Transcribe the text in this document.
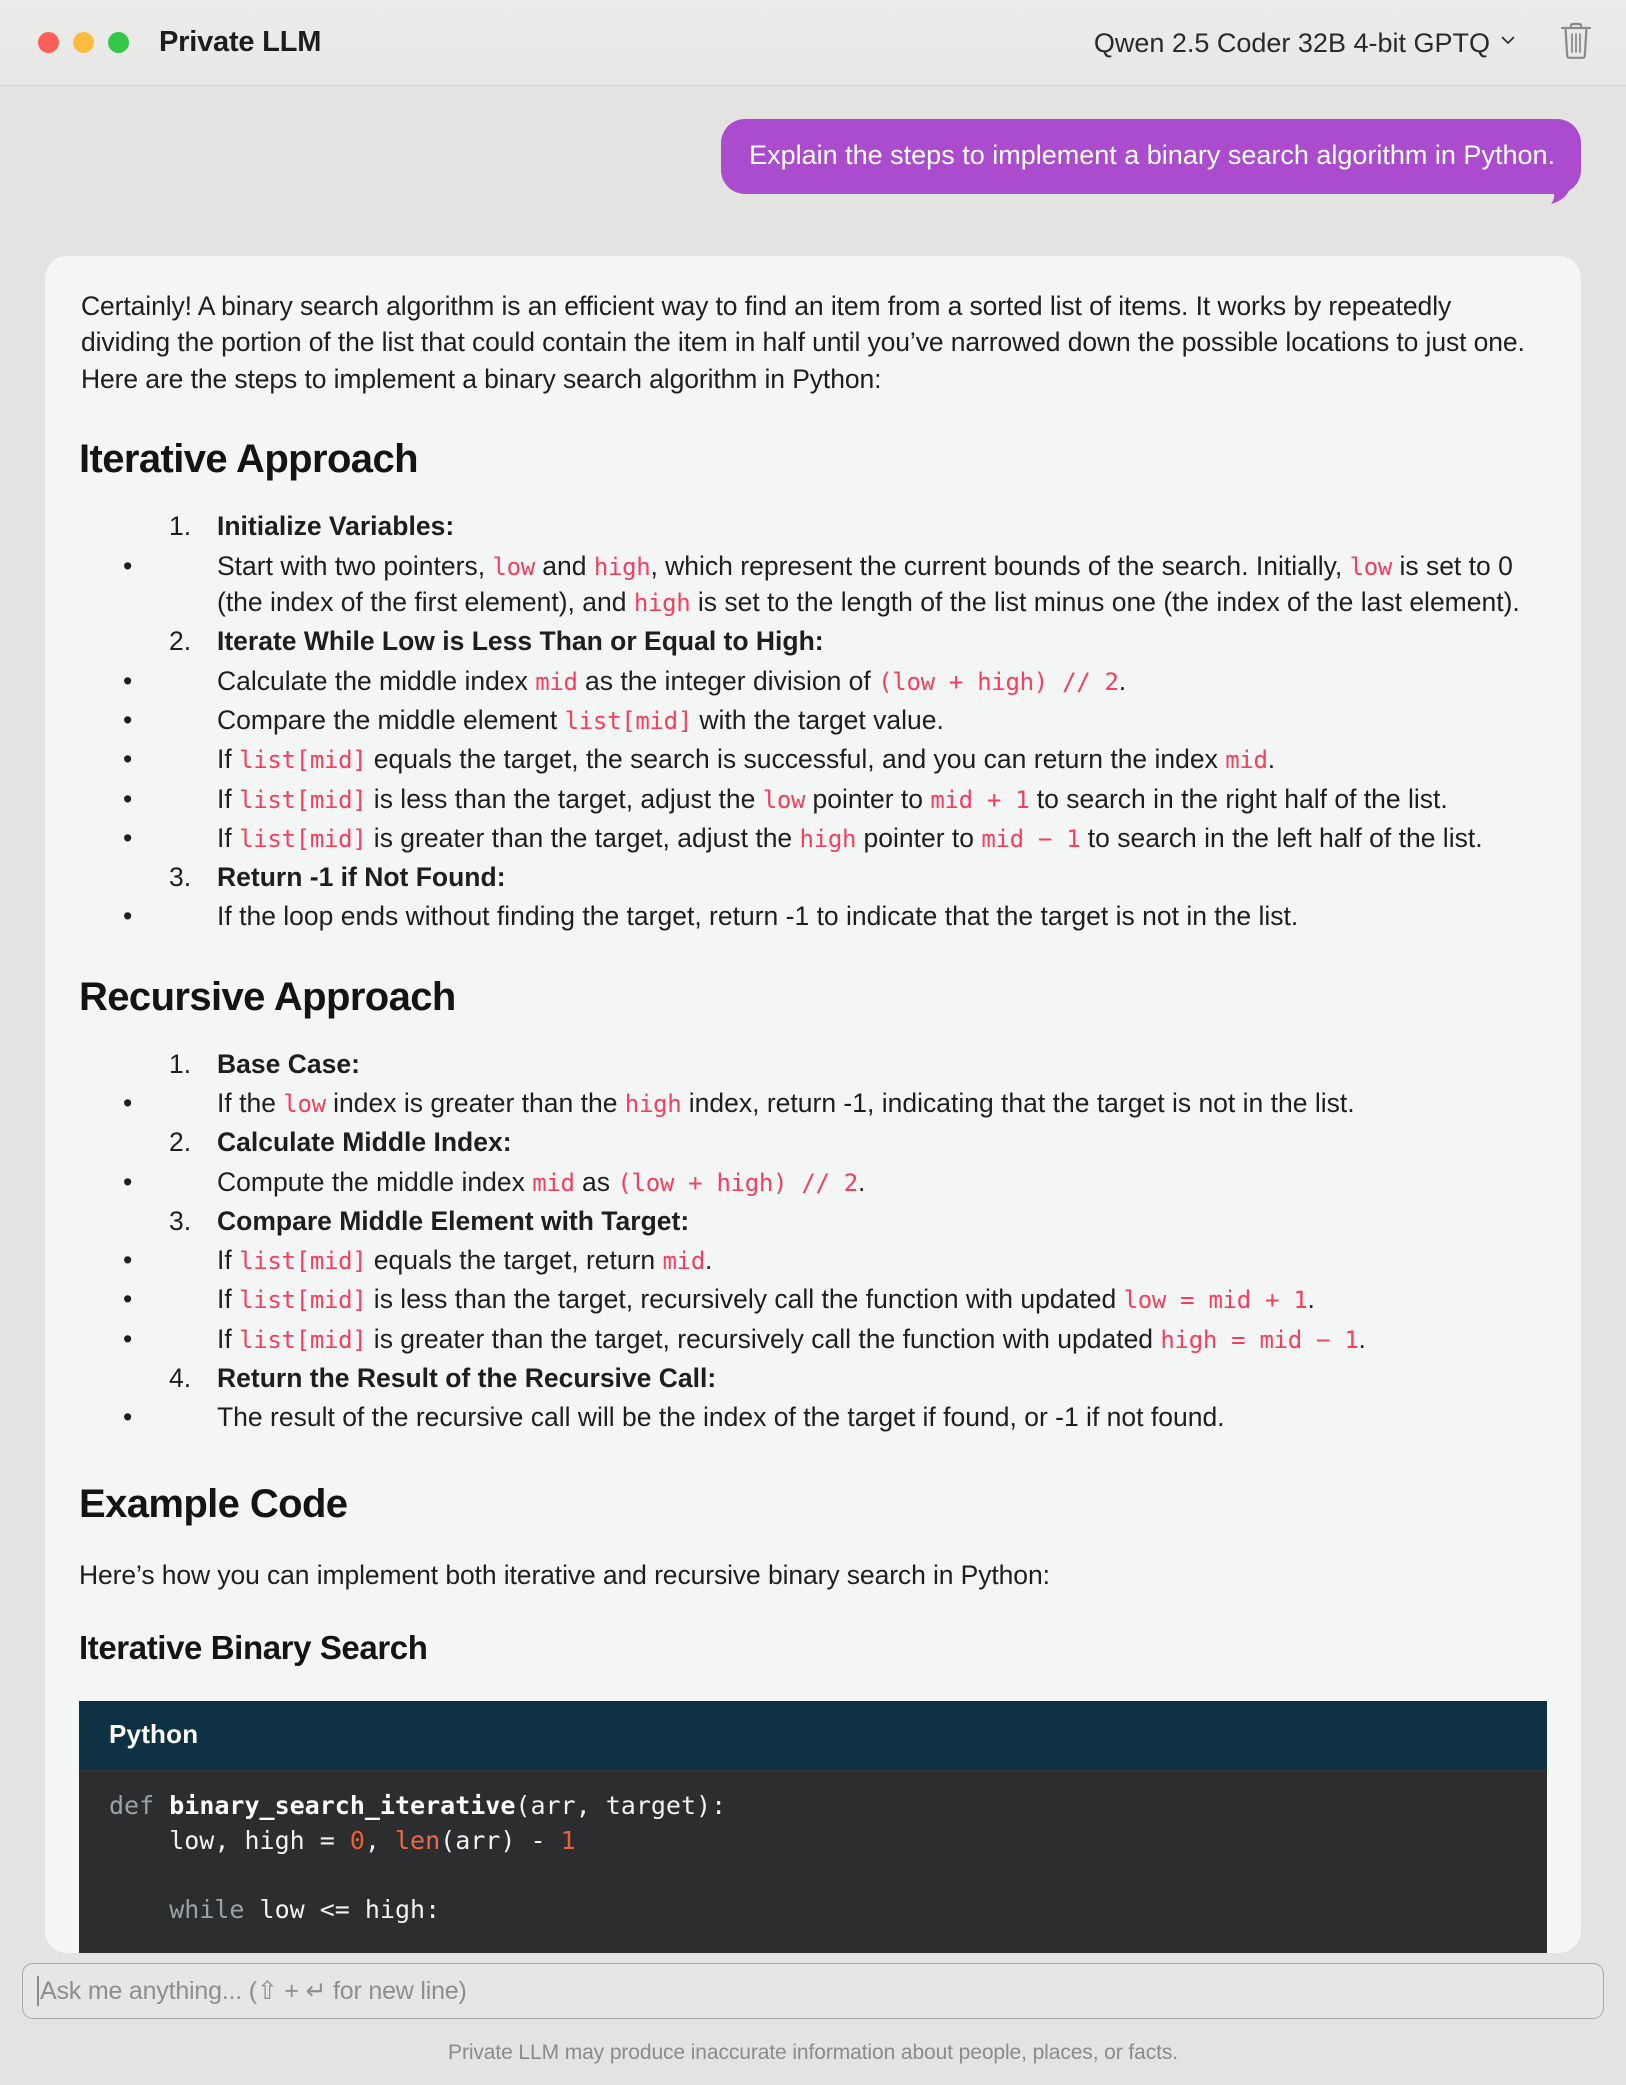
Private LLM	Qwen 2.5 Coder 32B 4-bit GPTQ
Explain the steps to implement a binary search algorithm in Python.
Certainly! A binary search algorithm is an efficient way to find an item from a sorted list of items. It works by repeatedly dividing the portion of the list that could contain the item in half until you’ve narrowed down the possible locations to just one. Here are the steps to implement a binary search algorithm in Python:
Iterative Approach
1. Initialize Variables:
•	Start with two pointers, low and high, which represent the current bounds of the search. Initially, low is set to 0 (the index of the first element), and high is set to the length of the list minus one (the index of the last element).
2. Iterate While Low is Less Than or Equal to High:
•	Calculate the middle index mid as the integer division of (low + high) // 2.
•	Compare the middle element list[mid] with the target value.
•	If list[mid] equals the target, the search is successful, and you can return the index mid.
•	If list[mid] is less than the target, adjust the low pointer to mid + 1 to search in the right half of the list.
•	If list[mid] is greater than the target, adjust the high pointer to mid − 1 to search in the left half of the list.
3. Return -1 if Not Found:
•	If the loop ends without finding the target, return -1 to indicate that the target is not in the list.
Recursive Approach
1. Base Case:
•	If the low index is greater than the high index, return -1, indicating that the target is not in the list.
2. Calculate Middle Index:
•	Compute the middle index mid as (low + high) // 2.
3. Compare Middle Element with Target:
•	If list[mid] equals the target, return mid.
•	If list[mid] is less than the target, recursively call the function with updated low = mid + 1.
•	If list[mid] is greater than the target, recursively call the function with updated high = mid − 1.
4. Return the Result of the Recursive Call:
•	The result of the recursive call will be the index of the target if found, or -1 if not found.
Example Code
Here’s how you can implement both iterative and recursive binary search in Python:
Iterative Binary Search
Python
def binary_search_iterative(arr, target):
low, high = 0, len(arr) - 1

while low <= high:
Ask me anything... (⇧ + ↵ for new line)
Private LLM may produce inaccurate information about people, places, or facts.
